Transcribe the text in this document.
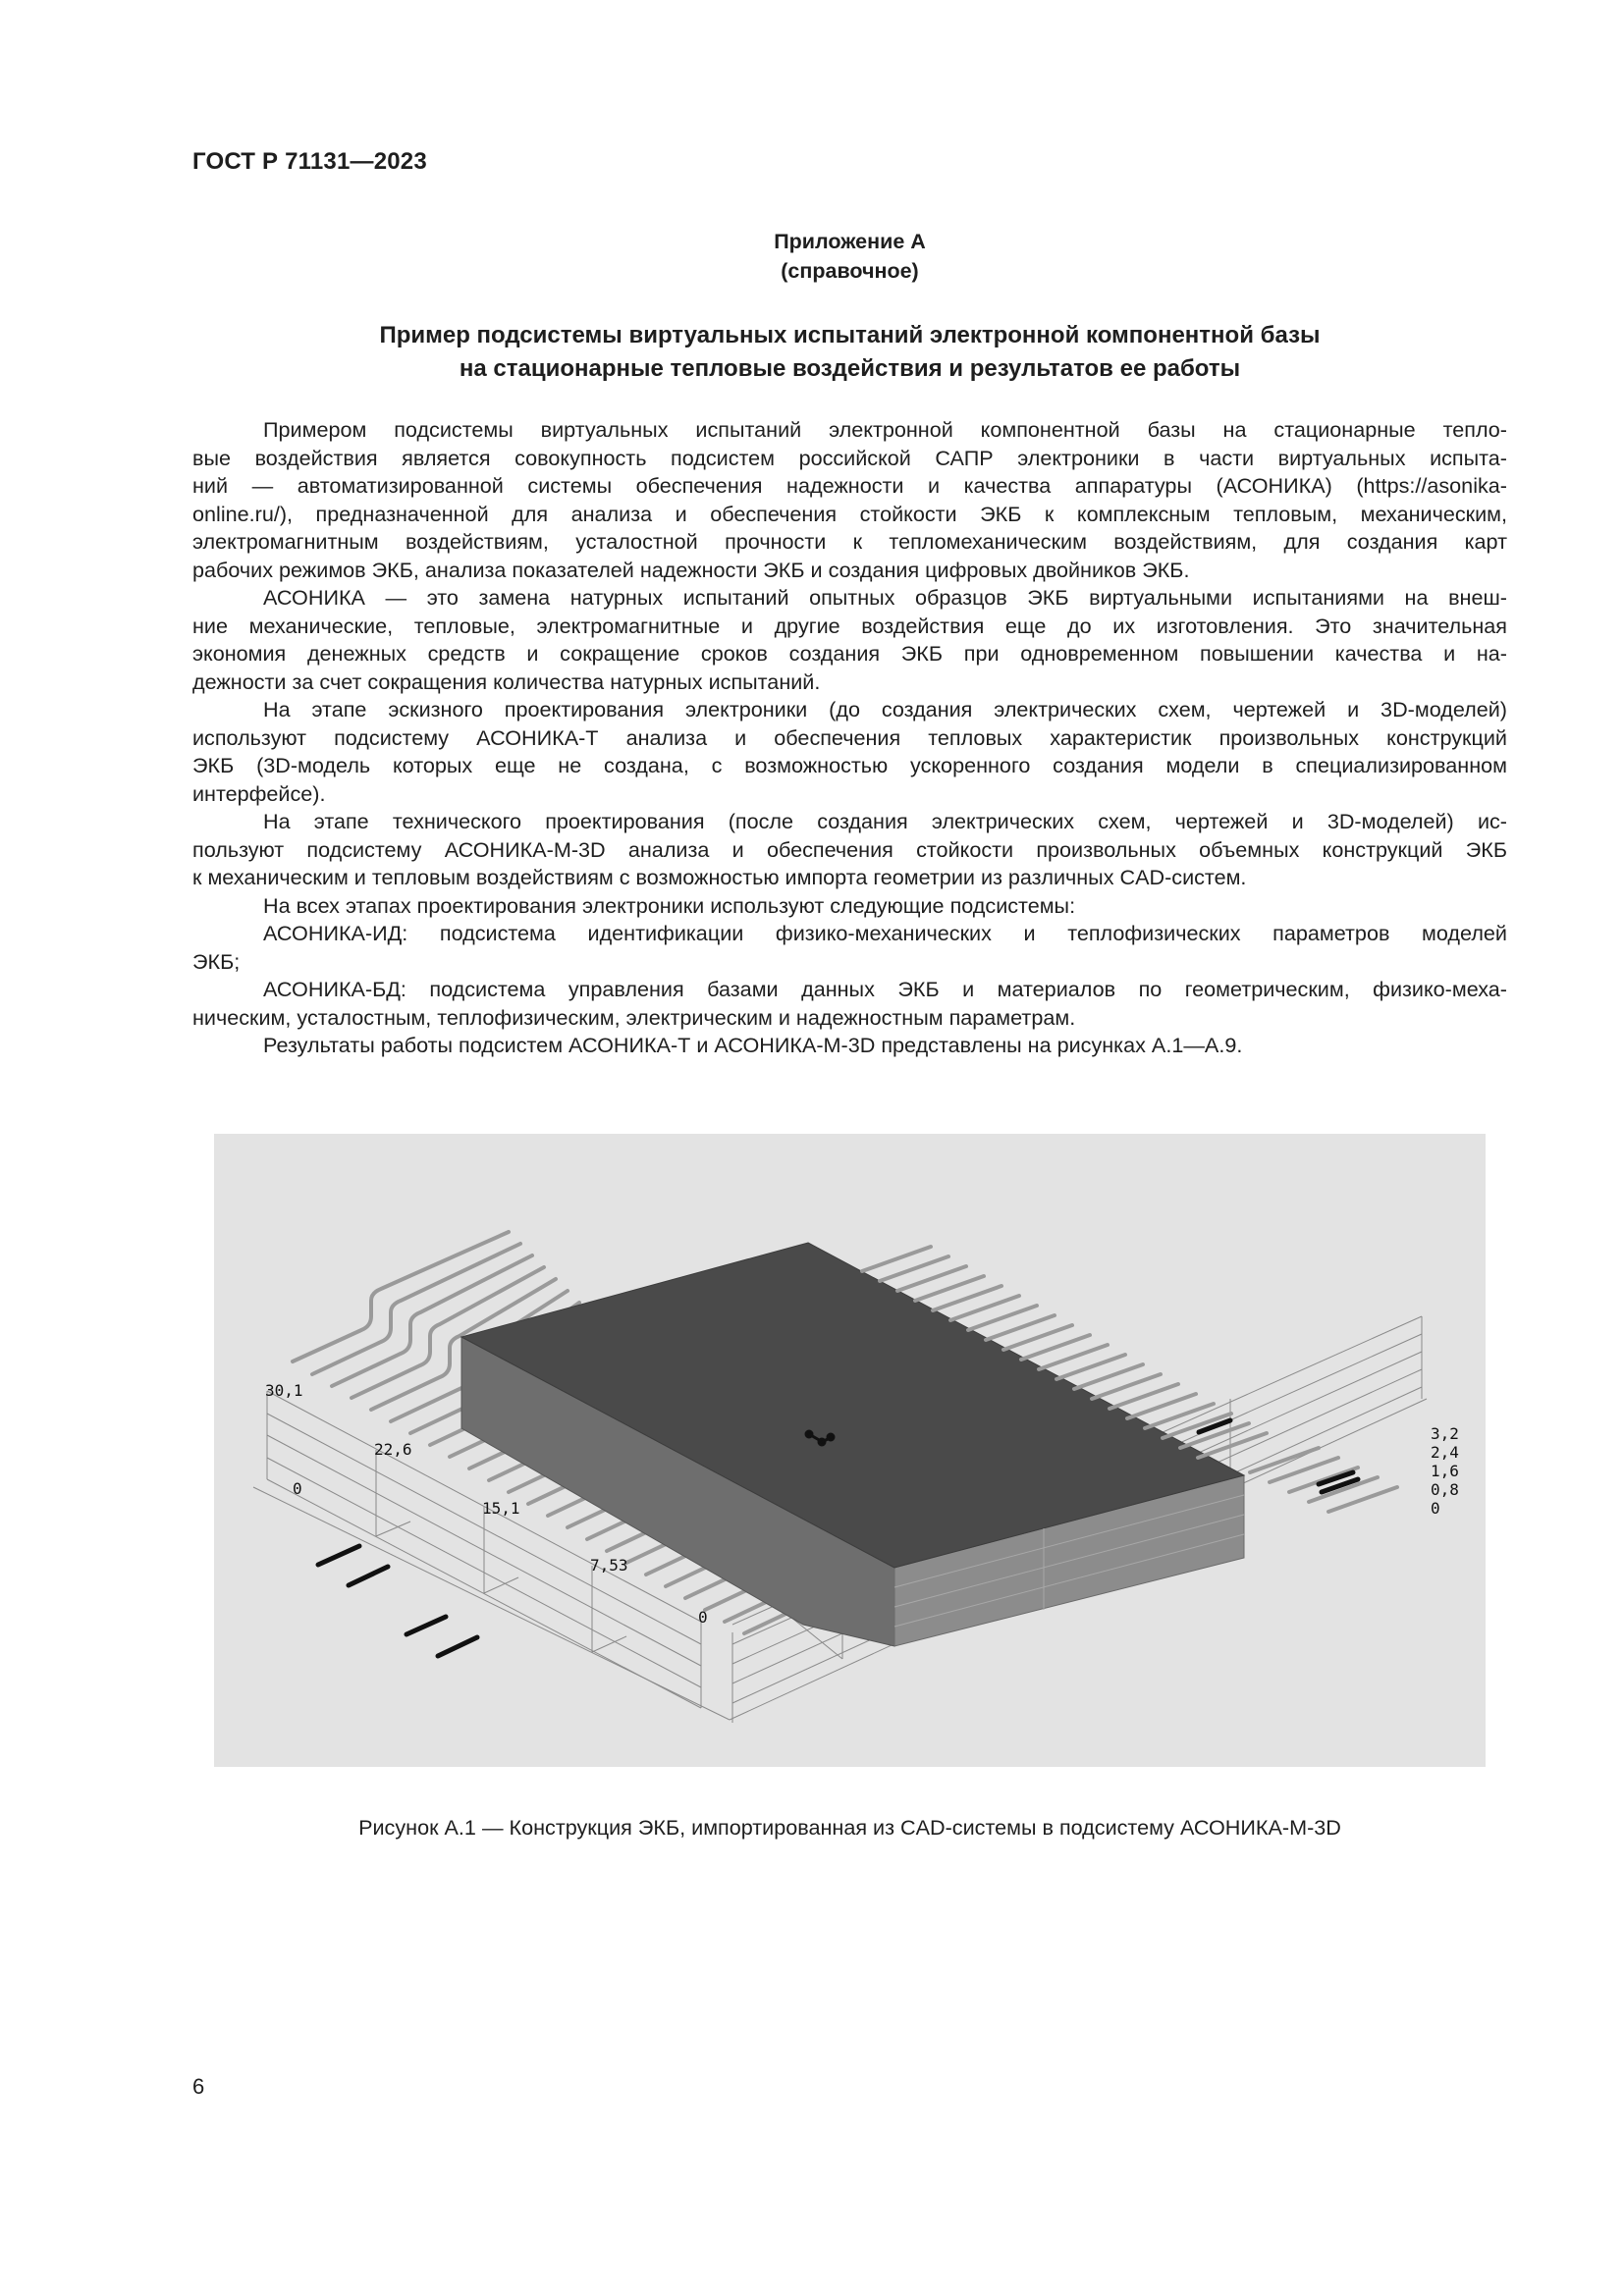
ГОСТ Р 71131—2023
Приложение А
(справочное)
Пример подсистемы виртуальных испытаний электронной компонентной базы
на стационарные тепловые воздействия и результатов ее работы
Примером подсистемы виртуальных испытаний электронной компонентной базы на стационарные тепло-
вые воздействия является совокупность подсистем российской САПР электроники в части виртуальных испыта-
ний — автоматизированной системы обеспечения надежности и качества аппаратуры (АСОНИКА) (https://asonika-
online.ru/), предназначенной для анализа и обеспечения стойкости ЭКБ к комплексным тепловым, механическим,
электромагнитным воздействиям, усталостной прочности к тепломеханическим воздействиям, для создания карт
рабочих режимов ЭКБ, анализа показателей надежности ЭКБ и создания цифровых двойников ЭКБ.
АСОНИКА — это замена натурных испытаний опытных образцов ЭКБ виртуальными испытаниями на внеш-
ние механические, тепловые, электромагнитные и другие воздействия еще до их изготовления. Это значительная
экономия денежных средств и сокращение сроков создания ЭКБ при одновременном повышении качества и на-
дежности за счет сокращения количества натурных испытаний.
На этапе эскизного проектирования электроники (до создания электрических схем, чертежей и 3D-моделей)
используют подсистему АСОНИКА-Т анализа и обеспечения тепловых характеристик произвольных конструкций
ЭКБ (3D-модель которых еще не создана, с возможностью ускоренного создания модели в специализированном
интерфейсе).
На этапе технического проектирования (после создания электрических схем, чертежей и 3D-моделей) ис-
пользуют подсистему АСОНИКА-М-3D анализа и обеспечения стойкости произвольных объемных конструкций ЭКБ
к механическим и тепловым воздействиям с возможностью импорта геометрии из различных CAD-систем.
На всех этапах проектирования электроники используют следующие подсистемы:
АСОНИКА-ИД: подсистема идентификации физико-механических и теплофизических параметров моделей
ЭКБ;
АСОНИКА-БД: подсистема управления базами данных ЭКБ и материалов по геометрическим, физико-меха-
ническим, усталостным, теплофизическим, электрическим и надежностным параметрам.
Результаты работы подсистем АСОНИКА-Т и АСОНИКА-М-3D представлены на рисунках А.1—А.9.
30,1
22,6
0
15,1
7,53
0
3,2
2,4
1,6
0,8
0
Рисунок А.1 — Конструкция ЭКБ, импортированная из CAD-системы в подсистему АСОНИКА-М-3D
6
